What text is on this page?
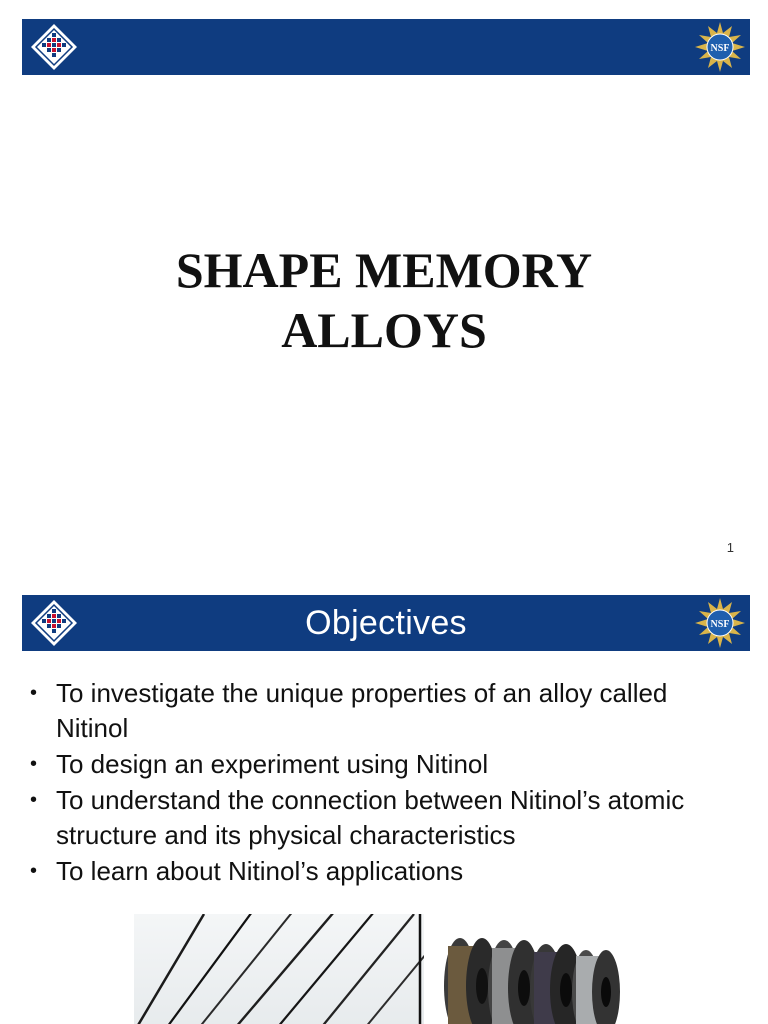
NSF
SHAPE MEMORY
ALLOYS
1
Objectives	NSF
• To investigate the unique properties of an alloy called Nitinol
• To design an experiment using Nitinol
• To understand the connection between Nitinol’s atomic structure and its physical characteristics
• To learn about Nitinol’s applications
